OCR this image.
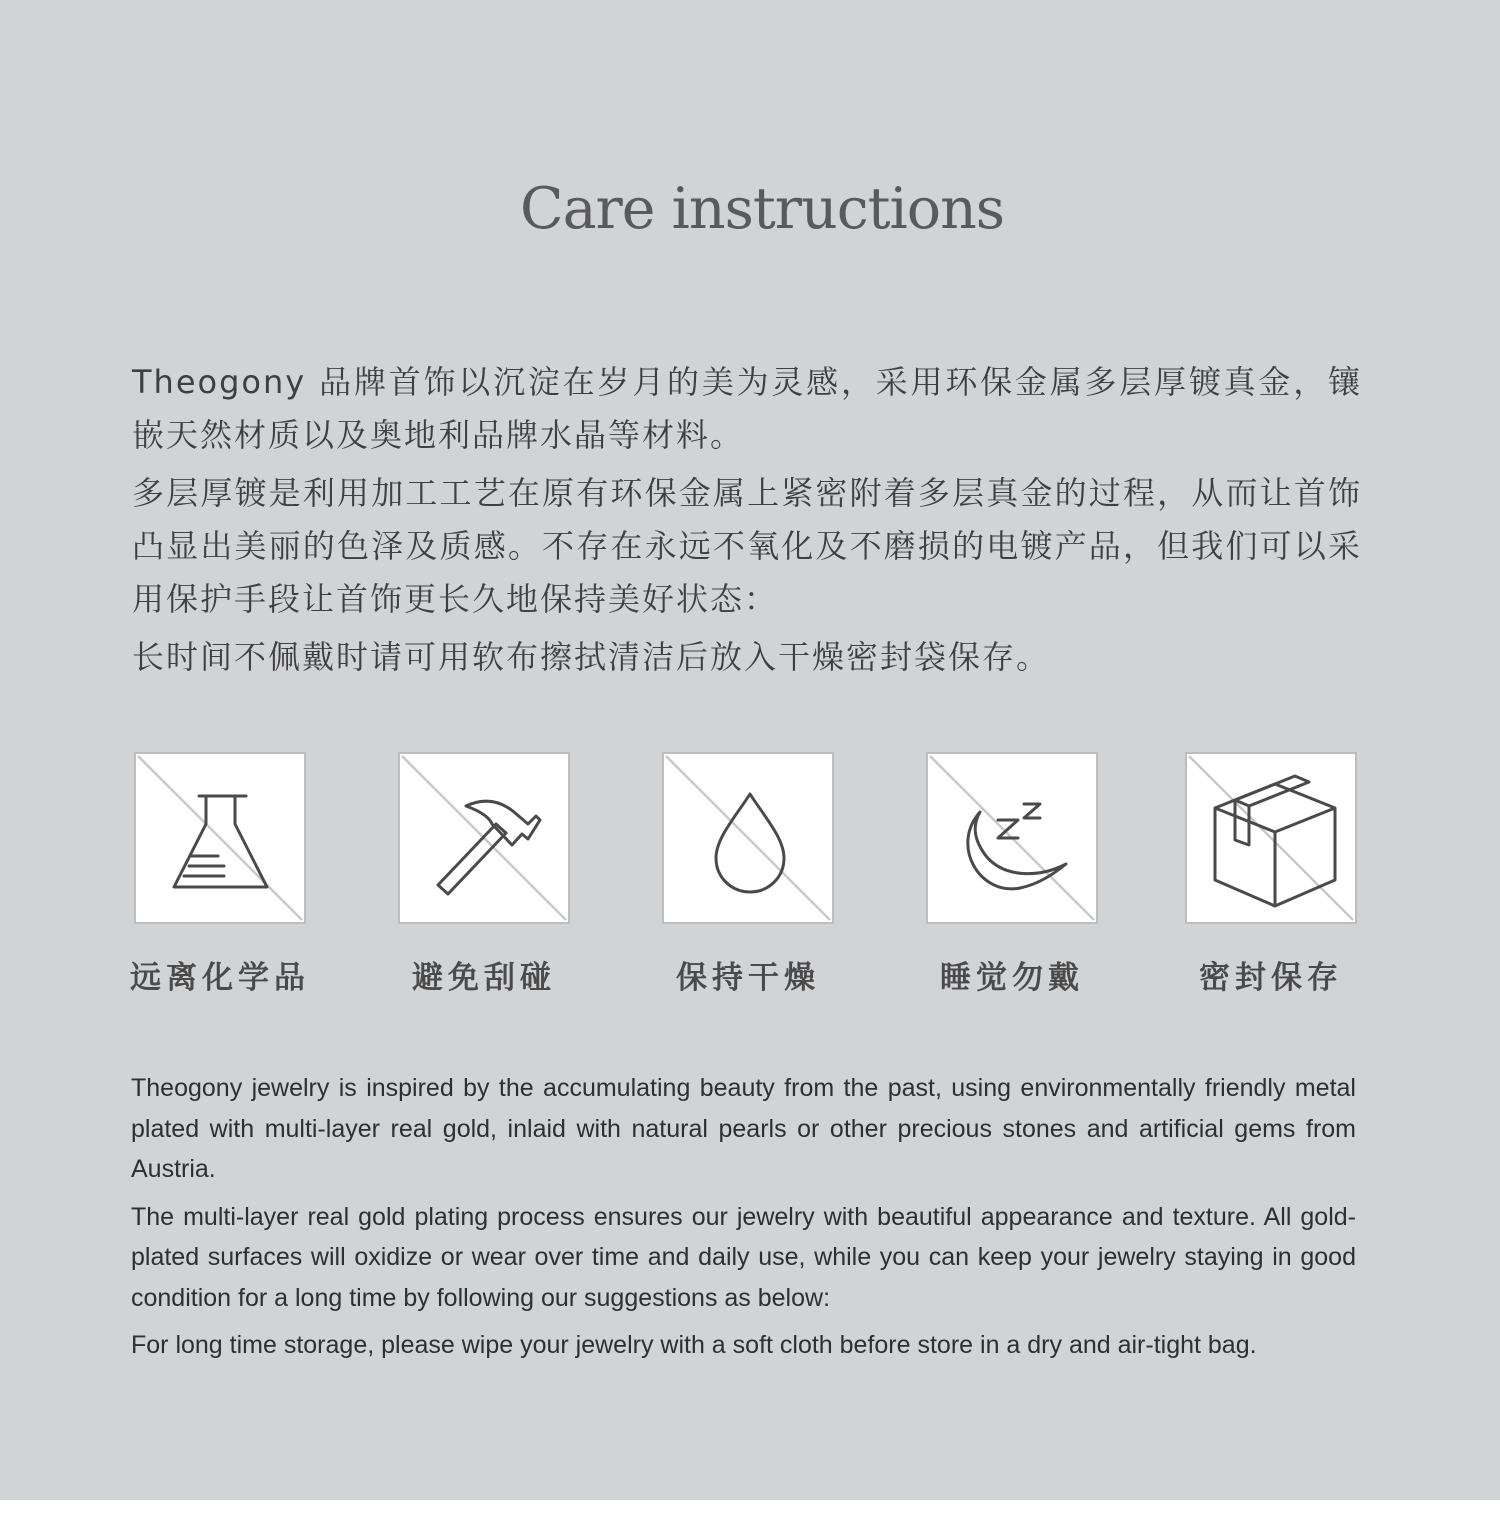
Care instructions

Theogony 品牌首饰以沉淀在岁月的美为灵感，采用环保金属多层厚镀真金，镶嵌天然材质以及奥地利品牌水晶等材料。

多层厚镀是利用加工工艺在原有环保金属上紧密附着多层真金的过程，从而让首饰凸显出美丽的色泽及质感。不存在永远不氧化及不磨损的电镀产品，但我们可以采用保护手段让首饰更长久地保持美好状态：

长时间不佩戴时请可用软布擦拭清洁后放入干燥密封袋保存。

远离化学品	避免刮碰	保持干燥	睡觉勿戴	密封保存

Theogony jewelry is inspired by the accumulating beauty from the past, using environmentally friendly metal plated with multi-layer real gold, inlaid with natural pearls or other precious stones and artificial gems from Austria.

The multi-layer real gold plating process ensures our jewelry with beautiful appearance and texture. All gold-plated surfaces will oxidize or wear over time and daily use, while you can keep your jewelry staying in good condition for a long time by following our suggestions as below:

For long time storage, please wipe your jewelry with a soft cloth before store in a dry and air-tight bag.
